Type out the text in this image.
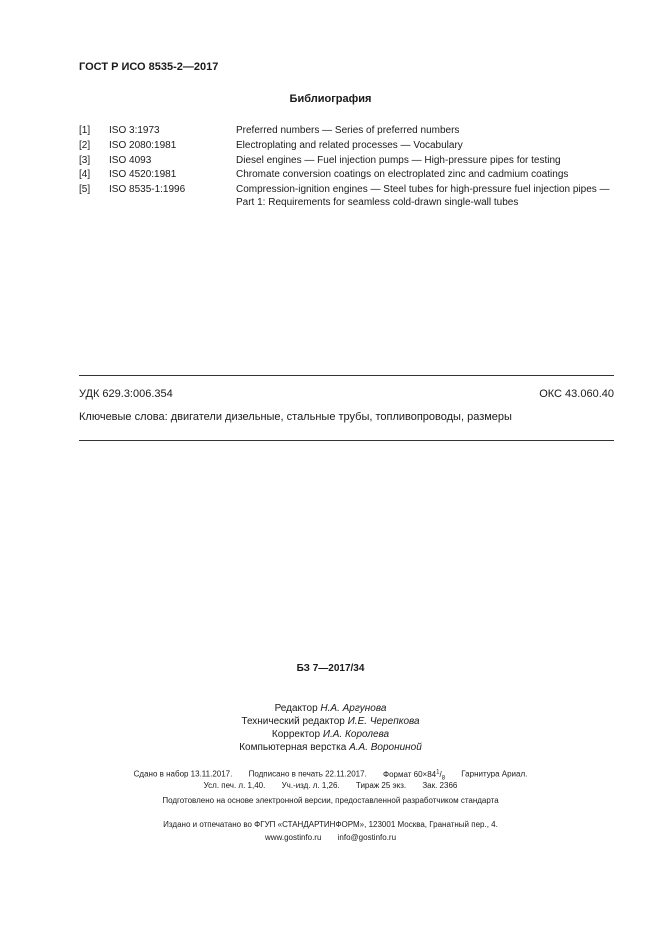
ГОСТ Р ИСО 8535-2—2017
Библиография
[1] ISO 3:1973	Preferred numbers — Series of preferred numbers
[2] ISO 2080:1981	Electroplating and related processes — Vocabulary
[3] ISO 4093	Diesel engines — Fuel injection pumps — High-pressure pipes for testing
[4] ISO 4520:1981	Chromate conversion coatings on electroplated zinc and cadmium coatings
[5] ISO 8535-1:1996	Compression-ignition engines — Steel tubes for high-pressure fuel injection pipes —
Part 1: Requirements for seamless cold-drawn single-wall tubes
УДК 629.3:006.354	ОКС 43.060.40
Ключевые слова: двигатели дизельные, стальные трубы, топливопроводы, размеры
БЗ 7—2017/34
Редактор Н.А. Аргунова
Технический редактор И.Е. Черепкова
Корректор И.А. Королева
Компьютерная верстка А.А. Ворониной
Сдано в набор 13.11.2017. Подписано в печать 22.11.2017. Формат $60\times 84^1/_8$ Гарнитура Ариал.
Усл. печ. л. 1,40. Уч.-изд. л. 1,26. Тираж 25 экз. Зак. 2366
Подготовлено на основе электронной версии, предоставленной разработчиком стандарта
Издано и отпечатано во ФГУП «СТАНДАРТИНФОРМ», 123001 Москва, Гранатный пер., 4.
www.gostinfo.ru info@gostinfo.ru
